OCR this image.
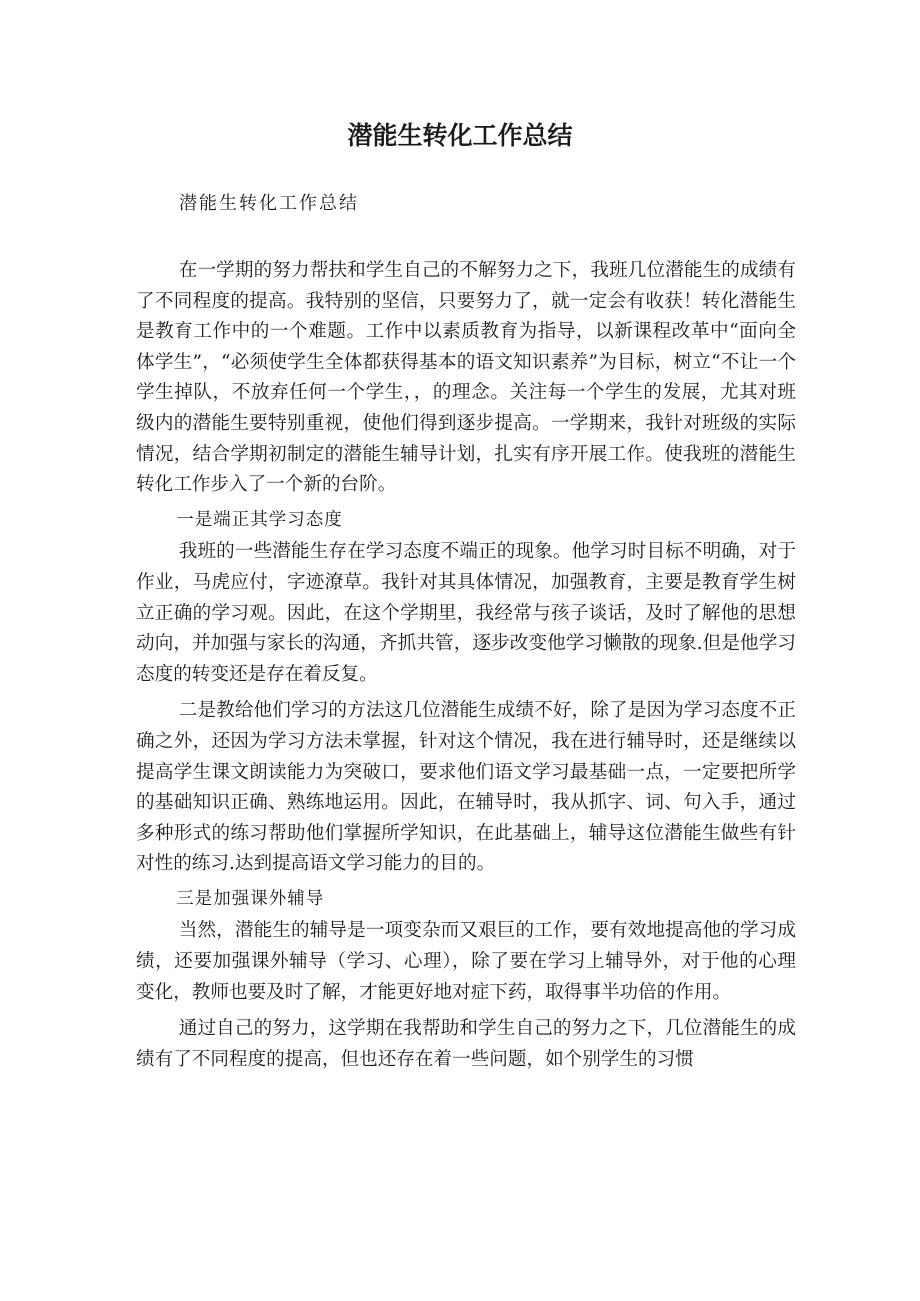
潜能生转化工作总结
潜能生转化工作总结

在一学期的努力帮扶和学生自己的不解努力之下，我班几位潜能生的成绩有了不同程度的提高。我特别的坚信，只要努力了，就一定会有收获！转化潜能生是教育工作中的一个难题。工作中以素质教育为指导，以新课程改革中“面向全体学生”，“必须使学生全体都获得基本的语文知识素养”为目标，树立“不让一个学生掉队，不放弃任何一个学生，，的理念。关注每一个学生的发展，尤其对班级内的潜能生要特别重视，使他们得到逐步提高。一学期来，我针对班级的实际情况，结合学期初制定的潜能生辅导计划，扎实有序开展工作。使我班的潜能生转化工作步入了一个新的台阶。

一是端正其学习态度

我班的一些潜能生存在学习态度不端正的现象。他学习时目标不明确，对于作业，马虎应付，字迹潦草。我针对其具体情况，加强教育，主要是教育学生树立正确的学习观。因此，在这个学期里，我经常与孩子谈话，及时了解他的思想动向，并加强与家长的沟通，齐抓共管，逐步改变他学习懒散的现象.但是他学习态度的转变还是存在着反复。

二是教给他们学习的方法这几位潜能生成绩不好，除了是因为学习态度不正确之外，还因为学习方法未掌握，针对这个情况，我在进行辅导时，还是继续以提高学生课文朗读能力为突破口，要求他们语文学习最基础一点，一定要把所学的基础知识正确、熟练地运用。因此，在辅导时，我从抓字、词、句入手，通过多种形式的练习帮助他们掌握所学知识，在此基础上，辅导这位潜能生做些有针对性的练习.达到提高语文学习能力的目的。

三是加强课外辅导

当然，潜能生的辅导是一项变杂而又艰巨的工作，要有效地提高他的学习成绩，还要加强课外辅导（学习、心理），除了要在学习上辅导外，对于他的心理变化，教师也要及时了解，才能更好地对症下药，取得事半功倍的作用。

通过自己的努力，这学期在我帮助和学生自己的努力之下，几位潜能生的成绩有了不同程度的提高，但也还存在着一些问题，如个别学生的习惯
